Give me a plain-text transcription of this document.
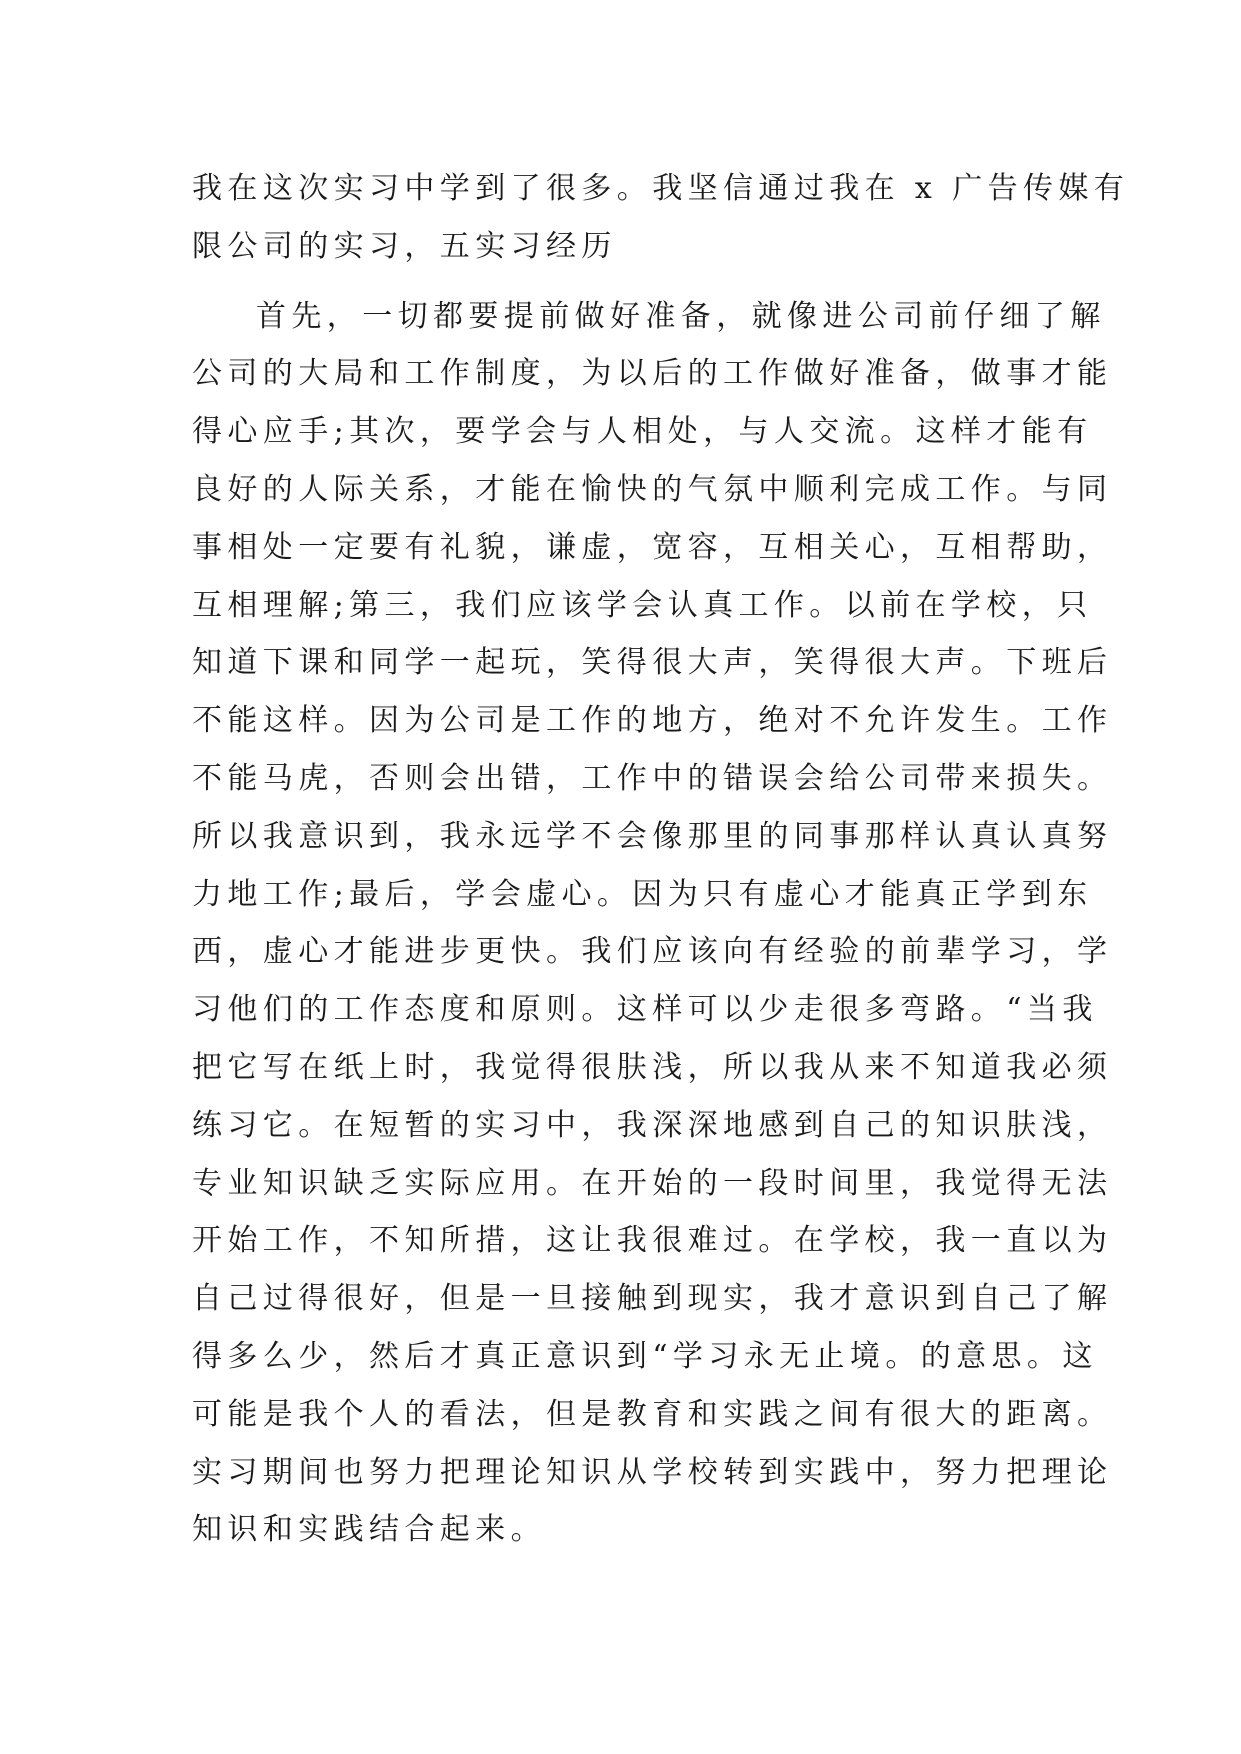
我在这次实习中学到了很多。我坚信通过我在 x 广告传媒有
限公司的实习，五实习经历
首先，一切都要提前做好准备，就像进公司前仔细了解
公司的大局和工作制度，为以后的工作做好准备，做事才能
得心应手;其次，要学会与人相处，与人交流。这样才能有
良好的人际关系，才能在愉快的气氛中顺利完成工作。与同
事相处一定要有礼貌，谦虚，宽容，互相关心，互相帮助，
互相理解;第三，我们应该学会认真工作。以前在学校，只
知道下课和同学一起玩，笑得很大声，笑得很大声。下班后
不能这样。因为公司是工作的地方，绝对不允许发生。工作
不能马虎，否则会出错，工作中的错误会给公司带来损失。
所以我意识到，我永远学不会像那里的同事那样认真认真努
力地工作;最后，学会虚心。因为只有虚心才能真正学到东
西，虚心才能进步更快。我们应该向有经验的前辈学习，学
习他们的工作态度和原则。这样可以少走很多弯路。“当我
把它写在纸上时，我觉得很肤浅，所以我从来不知道我必须
练习它。在短暂的实习中，我深深地感到自己的知识肤浅，
专业知识缺乏实际应用。在开始的一段时间里，我觉得无法
开始工作，不知所措，这让我很难过。在学校，我一直以为
自己过得很好，但是一旦接触到现实，我才意识到自己了解
得多么少，然后才真正意识到“学习永无止境。的意思。这
可能是我个人的看法，但是教育和实践之间有很大的距离。
实习期间也努力把理论知识从学校转到实践中，努力把理论
知识和实践结合起来。
